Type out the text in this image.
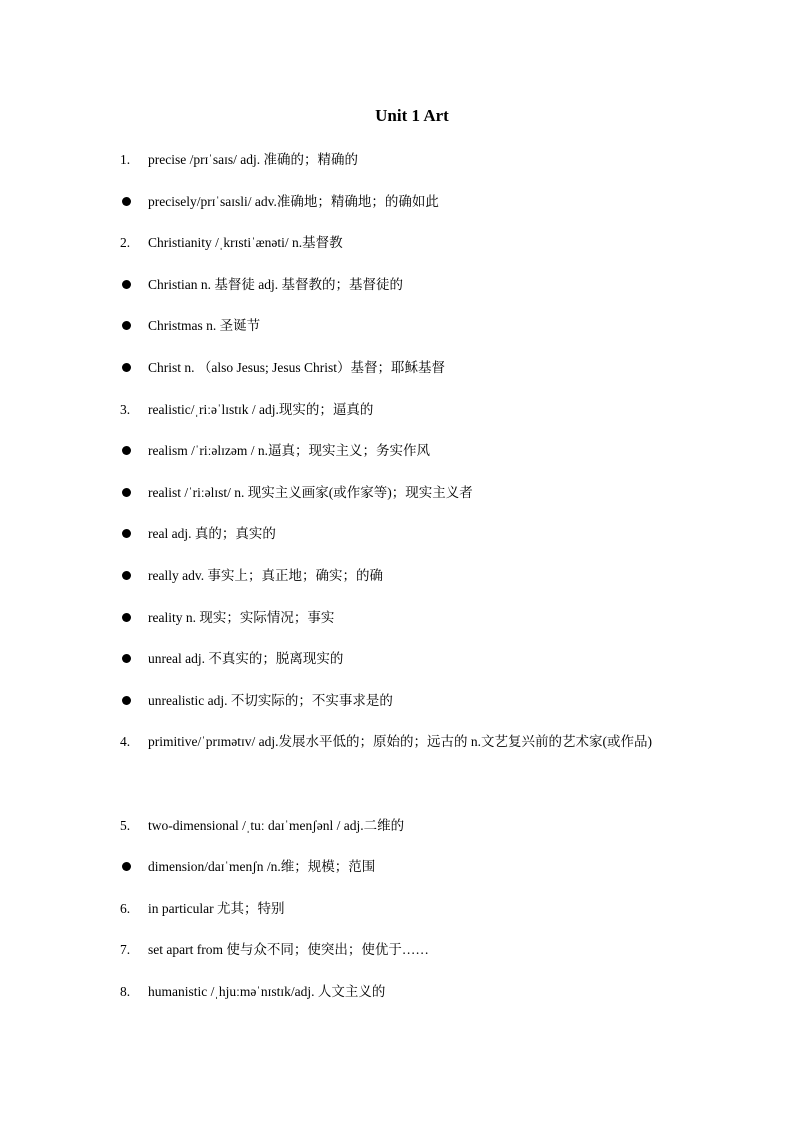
Unit 1 Art
1.	precise /prɪˈsaɪs/ adj. 准确的；精确的
precisely/prɪˈsaɪsli/ adv.准确地；精确地；的确如此
2.	Christianity /ˌkrɪstiˈænəti/ n.基督教
Christian n. 基督徒 adj. 基督教的；基督徒的
Christmas n. 圣诞节
Christ n. （also Jesus; Jesus Christ）基督；耶稣基督
3.	realistic/ˌriːəˈlɪstɪk / adj.现实的；逼真的
realism /ˈriːəlɪzəm / n.逼真；现实主义；务实作风
realist /ˈriːəlɪst/ n. 现实主义画家(或作家等)；现实主义者
real adj. 真的；真实的
really adv. 事实上；真正地；确实；的确
reality n. 现实；实际情况；事实
unreal adj. 不真实的；脱离现实的
unrealistic adj. 不切实际的；不实事求是的
4.	primitive/ˈprɪmətɪv/ adj.发展水平低的；原始的；远古的 n.文艺复兴前的艺术家(或作品)
5.	two-dimensional /ˌtuː daɪˈmenʃənl / adj.二维的
dimension/daɪˈmenʃn /n.维；规模；范围
6.	in particular 尤其；特别
7.	set apart from 使与众不同；使突出；使优于……
8.	humanistic /ˌhjuːməˈnɪstɪk/adj. 人文主义的
